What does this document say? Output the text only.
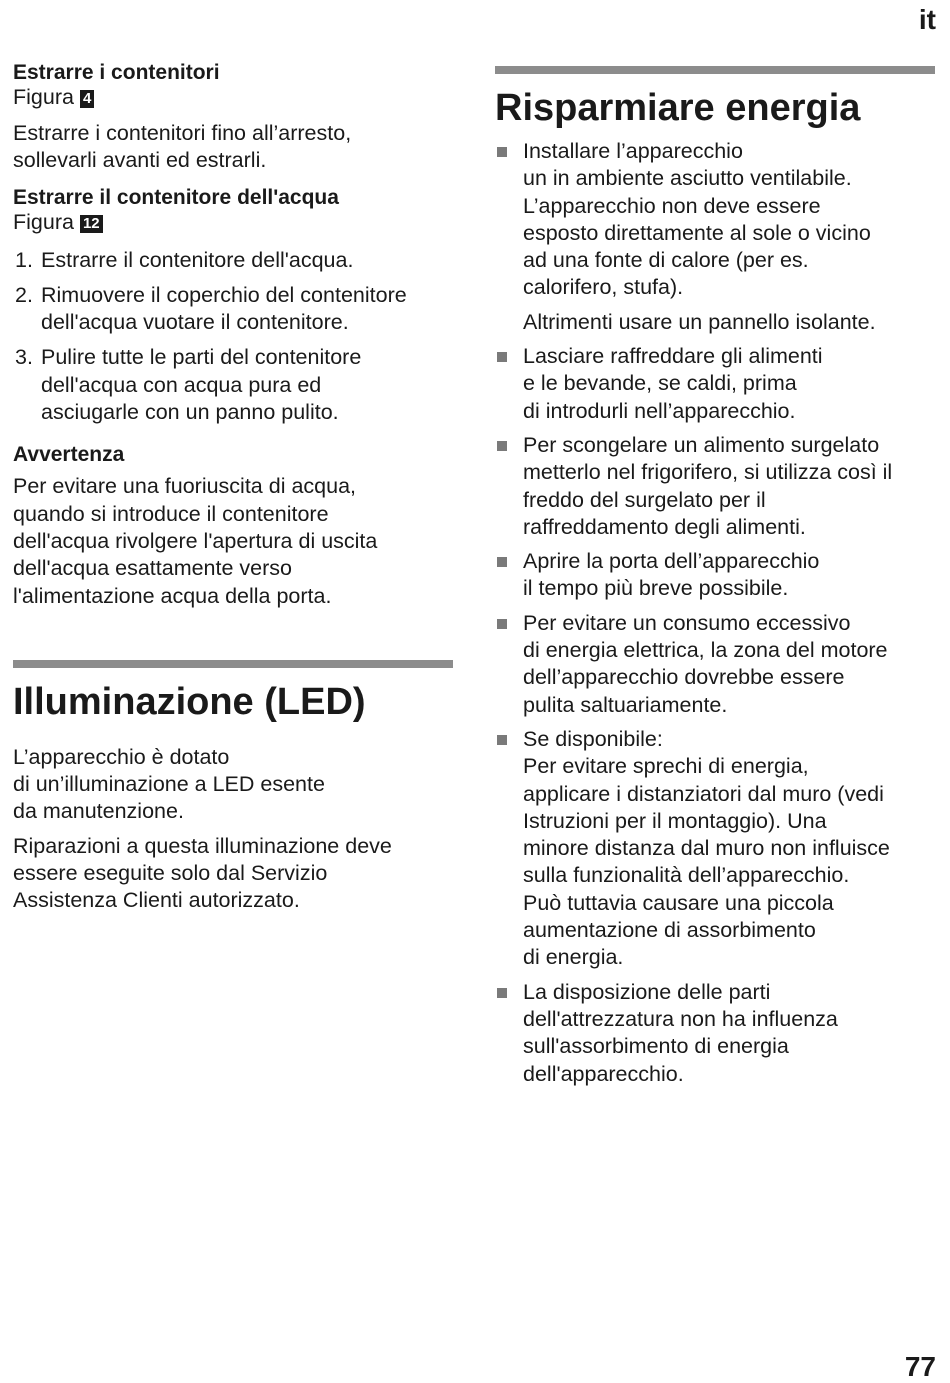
it
Estrarre i contenitori
Figura 4

Estrarre i contenitori fino all’arresto,
sollevarli avanti ed estrarli.

Estrarre il contenitore dell'acqua
Figura 12
1. Estrarre il contenitore dell'acqua.
2. Rimuovere il coperchio del contenitore
dell'acqua vuotare il contenitore.
3. Pulire tutte le parti del contenitore
dell'acqua con acqua pura ed
asciugarle con un panno pulito.
Avvertenza

Per evitare una fuoriuscita di acqua,
quando si introduce il contenitore
dell'acqua rivolgere l'apertura di uscita
dell'acqua esattamente verso
l'alimentazione acqua della porta.

Illuminazione (LED)

L’apparecchio è dotato
di un’illuminazione a LED esente
da manutenzione.

Riparazioni a questa illuminazione deve
essere eseguite solo dal Servizio
Assistenza Clienti autorizzato.

Risparmiare energia

Installare l’apparecchio
un in ambiente asciutto ventilabile.
L’apparecchio non deve essere
esposto direttamente al sole o vicino
ad una fonte di calore (per es.
calorifero, stufa).

Altrimenti usare un pannello isolante.

Lasciare raffreddare gli alimenti
e le bevande, se caldi, prima
di introdurli nell’apparecchio.

Per scongelare un alimento surgelato
metterlo nel frigorifero, si utilizza così il
freddo del surgelato per il
raffreddamento degli alimenti.

Aprire la porta dell’apparecchio
il tempo più breve possibile.

Per evitare un consumo eccessivo
di energia elettrica, la zona del motore
dell’apparecchio dovrebbe essere
pulita saltuariamente.

Se disponibile:
Per evitare sprechi di energia,
applicare i distanziatori dal muro (vedi
Istruzioni per il montaggio). Una
minore distanza dal muro non influisce
sulla funzionalità dell’apparecchio.
Può tuttavia causare una piccola
aumentazione di assorbimento
di energia.

La disposizione delle parti
dell'attrezzatura non ha influenza
sull'assorbimento di energia
dell'apparecchio.

77
